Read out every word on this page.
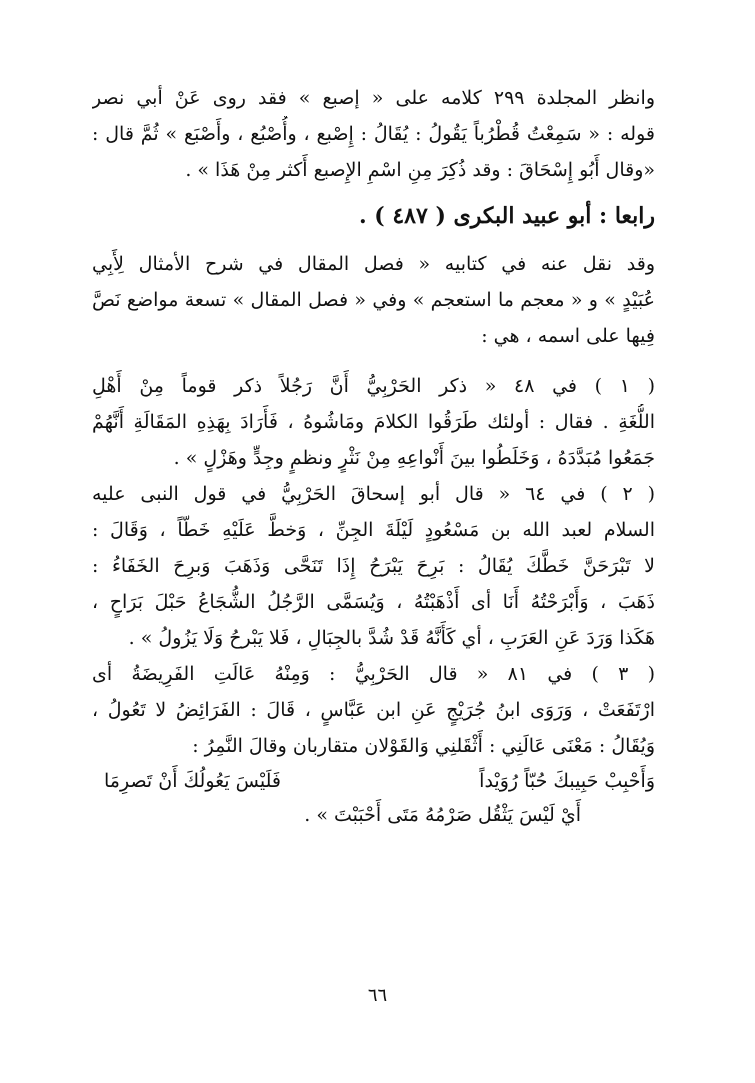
وانظر المجلدة ٢٩٩ كلامه على « إصبع » فقد روى عَنْ أبي نصر
قوله : « سَمِعْتُ قُطْرُباً يَقُولُ : يُقَالُ : إِصْبع ، وأُصْبُع ، وأَصْبَع » ثُمَّ قال :
«وقال أَبُو إِسْحَاقَ : وقد ذُكِرَ مِنِ اسْمِ الإِصبع أَكثر مِنْ هَذَا » .
رابعا : أبو عبيد البكرى ( ٤٨٧ ) .
وقد نقل عنه في كتابيه « فصل المقال في شرح الأمثال لِأَبِي
عُبَيْدٍ » و « معجم ما استعجم » وفي « فصل المقال » تسعة مواضع نَصَّ
فِيها على اسمه ، هي :
( ١ ) في ٤٨ « ذكر الحَرْبِيُّ أَنَّ رَجُلاً ذكر قوماً مِنْ أَهْلِ
اللُّغَةِ . فقال : أولئك طَرَقُوا الكلامَ ومَاشُوهُ ، فَأَرَادَ بِهَذِهِ المَقَالَةِ أَنَّهُمْ
جَمَعُوا مُبَدَّدَهُ ، وَخَلَطُوا بينَ أَنْواعِهِ مِنْ نَثْرٍ ونظمٍ وجِدٍّ وهَزْلٍ » .
( ٢ ) في ٦٤ « قال أبو إسحاقَ الحَرْبِيُّ في قول النبى عليه
السلام لعبد الله بن مَسْعُودٍ لَيْلَةَ الجِنِّ ، وَخطَّ عَلَيْهِ خَطّاً ، وَقَالَ :
لا تَبْرَحَنَّ خَطَّكَ يُقَالُ : بَرِحَ يَبْرَحُ إِذَا تَنَحَّى وَذَهَبَ وَبرِحَ الخَفَاءُ :
ذَهَبَ ، وَأَبْرَحْتُهُ أَنَا أى أَذْهَبْتُهُ ، وَيُسَمَّى الرَّجُلُ الشُّجَاعُ حَبْلَ بَرَاحٍ ،
هَكَذا وَرَدَ عَنِ العَرَبِ ، أي كَأَنَّهُ قَدْ شُدَّ بالجِبَالِ ، فَلا يَبْرحُ وَلَا يَزُولُ » .
( ٣ ) في ٨١ « قال الحَرْبِيُّ : وَمِنْهُ عَالَتِ الفَرِيضَةُ أى
ارْتَفَعَتْ ، وَرَوَى ابنُ جُرَيْجٍ عَنِ ابن عَبَّاسٍ ، قَالَ : الفَرَائِضُ لا تَعُولُ ،
وَيُقَالُ : مَعْنَى عَالَنِي : أَثْقَلنِي وَالقَوْلان متقاربان وقالَ النَّمِرُ :
وَأَحْبِبْ حَبِيبكَ حُبّاً رُوَيْداً
فَلَيْسَ يَعُولُكَ أَنْ تَصرِمَا
أَيْ لَيْسَ يَثْقُل صَرْمُهُ مَتَى أَحْبَبْتَ » .
٦٦
